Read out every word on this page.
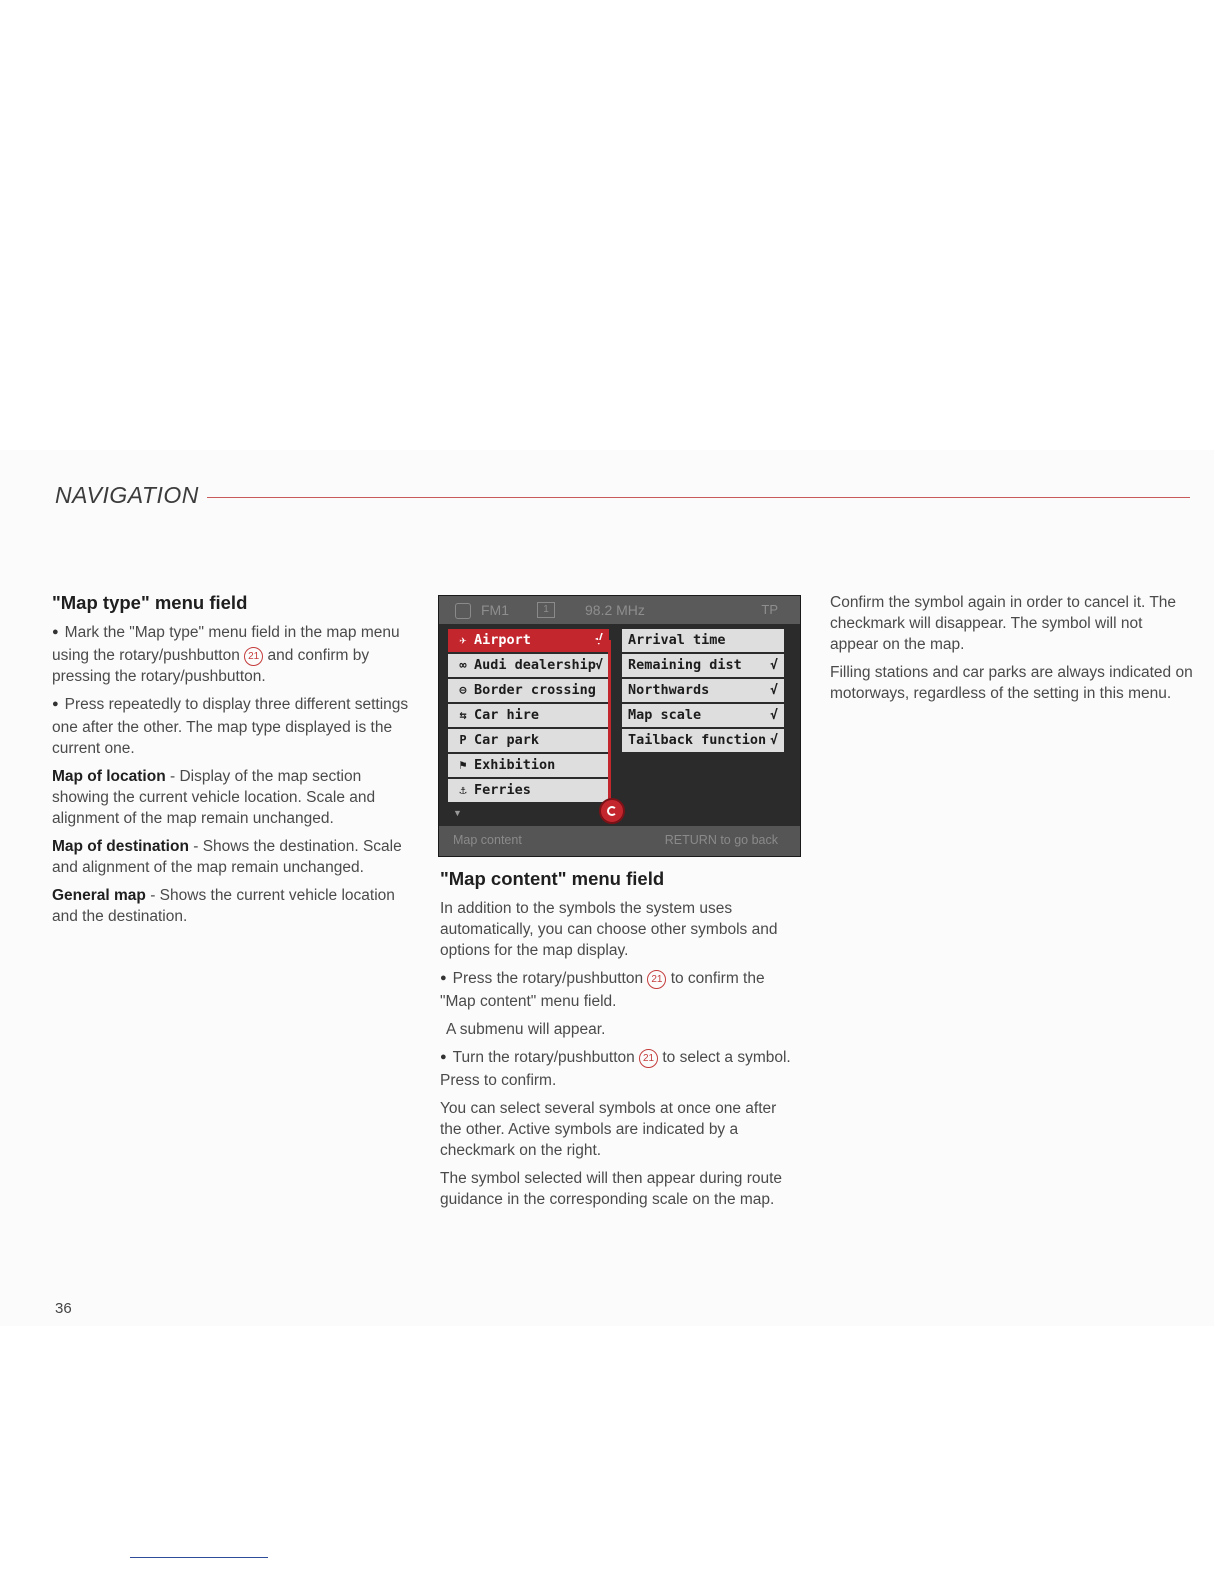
NAVIGATION
"Map type" menu field

● Mark the "Map type" menu field in the map menu using the rotary/pushbutton 21 and confirm by pressing the rotary/pushbutton.

● Press repeatedly to display three different settings one after the other. The map type displayed is the current one.

Map of location - Display of the map section showing the current vehicle location. Scale and alignment of the map remain unchanged.

Map of destination - Shows the destination. Scale and alignment of the map remain unchanged.

General map - Shows the current vehicle location and the destination.

FM1	1	98.2 MHz	TP
✈ Airport
∞ Audi dealership √
⊖ Border crossing
⇆ Car hire
P Car park
⚑ Exhibition
⚓ Ferries
Arrival time
Remaining dist √
Northwards	√
Map scale	√
Tailback function √
▼
Map content	RETURN to go back
"Map content" menu field

In addition to the symbols the system uses automatically, you can choose other symbols and options for the map display.

● Press the rotary/pushbutton 21 to confirm the "Map content" menu field.

A submenu will appear.

● Turn the rotary/pushbutton 21 to select a symbol. Press to confirm.

You can select several symbols at once one after the other. Active symbols are indicated by a checkmark on the right.

The symbol selected will then appear during route guidance in the corresponding scale on the map.

Confirm the symbol again in order to cancel it. The checkmark will disappear. The symbol will not appear on the map.

Filling stations and car parks are always indicated on motorways, regardless of the setting in this menu.

36
